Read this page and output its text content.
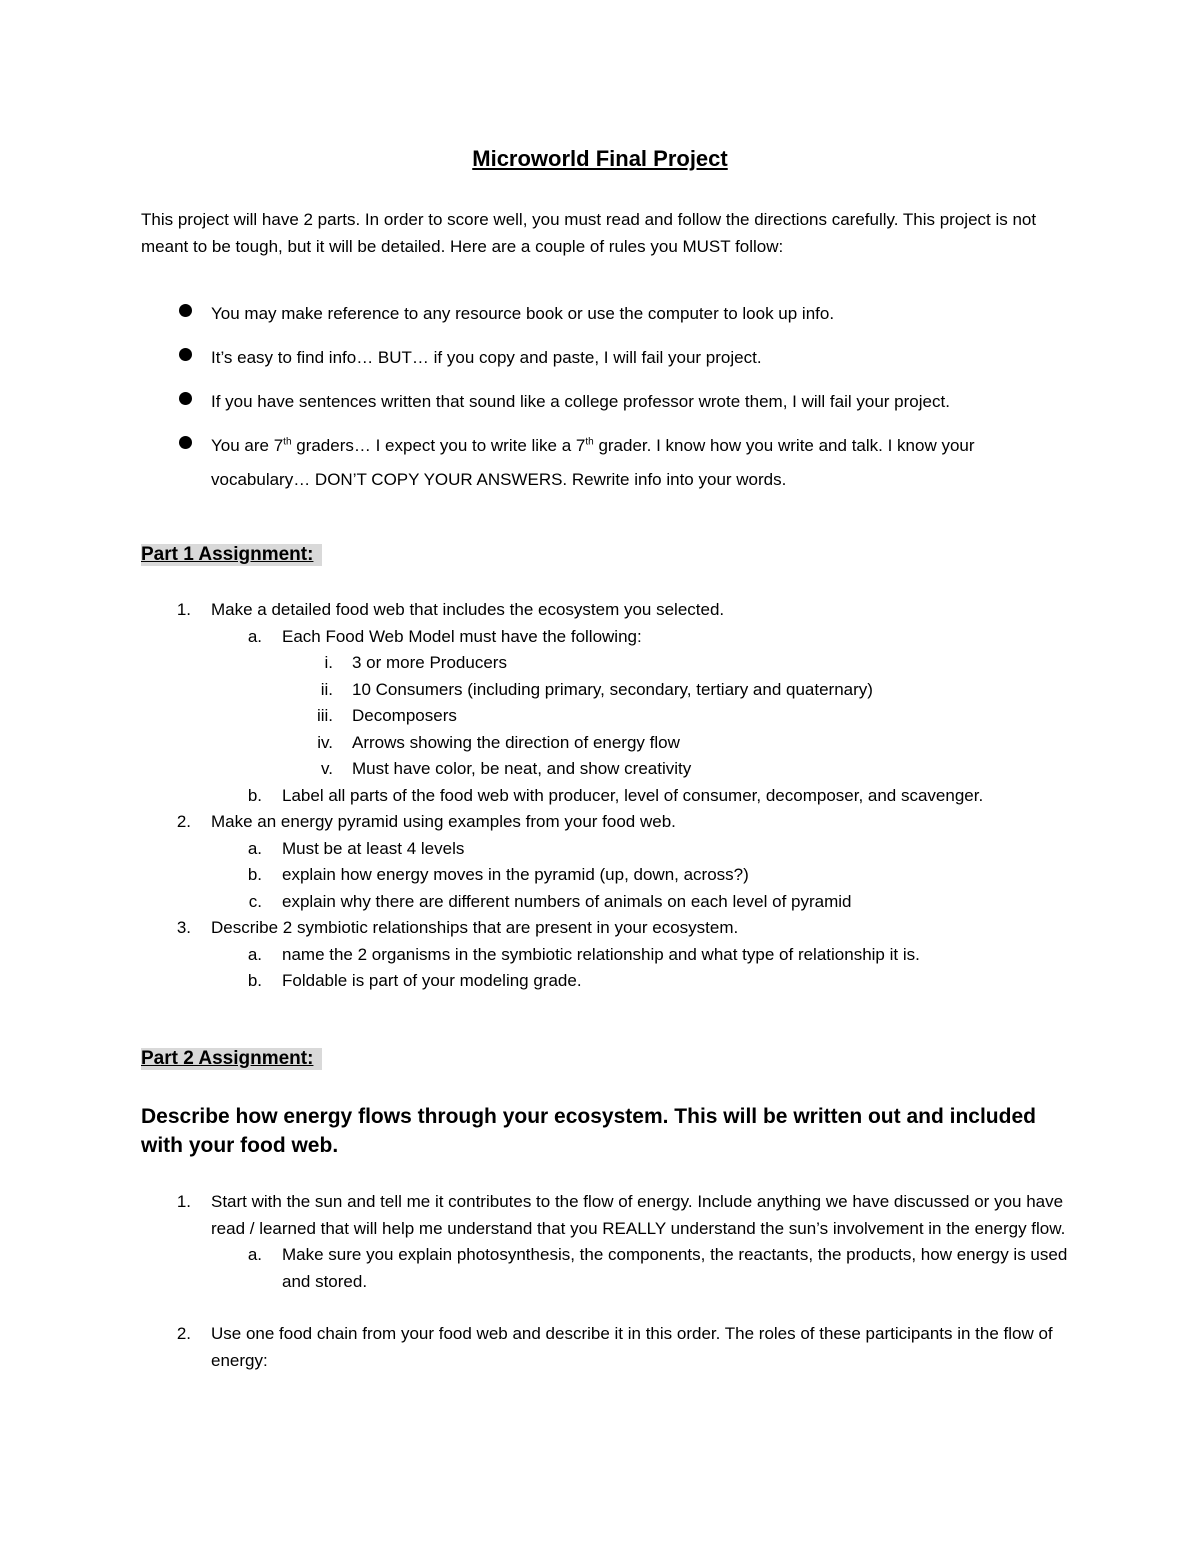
Microworld Final Project

This project will have 2 parts. In order to score well, you must read and follow the directions carefully. This project is not meant to be tough, but it will be detailed. Here are a couple of rules you MUST follow:

You may make reference to any resource book or use the computer to look up info.
It’s easy to find info… BUT… if you copy and paste, I will fail your project.
If you have sentences written that sound like a college professor wrote them, I will fail your project.
You are 7th graders… I expect you to write like a 7th grader. I know how you write and talk. I know your vocabulary… DON’T COPY YOUR ANSWERS. Rewrite info into your words.
Part 1 Assignment:
1. Make a detailed food web that includes the ecosystem you selected.
a. Each Food Web Model must have the following:
i. 3 or more Producers
ii. 10 Consumers (including primary, secondary, tertiary and quaternary)
iii. Decomposers
iv. Arrows showing the direction of energy flow
v. Must have color, be neat, and show creativity
b. Label all parts of the food web with producer, level of consumer, decomposer, and scavenger.
2. Make an energy pyramid using examples from your food web.
a. Must be at least 4 levels
b. explain how energy moves in the pyramid (up, down, across?)
c. explain why there are different numbers of animals on each level of pyramid
3. Describe 2 symbiotic relationships that are present in your ecosystem.
a. name the 2 organisms in the symbiotic relationship and what type of relationship it is.
b. Foldable is part of your modeling grade.
Part 2 Assignment:

Describe how energy flows through your ecosystem. This will be written out and included with your food web.

1. Start with the sun and tell me it contributes to the flow of energy. Include anything we have discussed or you have read / learned that will help me understand that you REALLY understand the sun’s involvement in the energy flow.
a. Make sure you explain photosynthesis, the components, the reactants, the products, how energy is used and stored.
2. Use one food chain from your food web and describe it in this order. The roles of these participants in the flow of energy:
